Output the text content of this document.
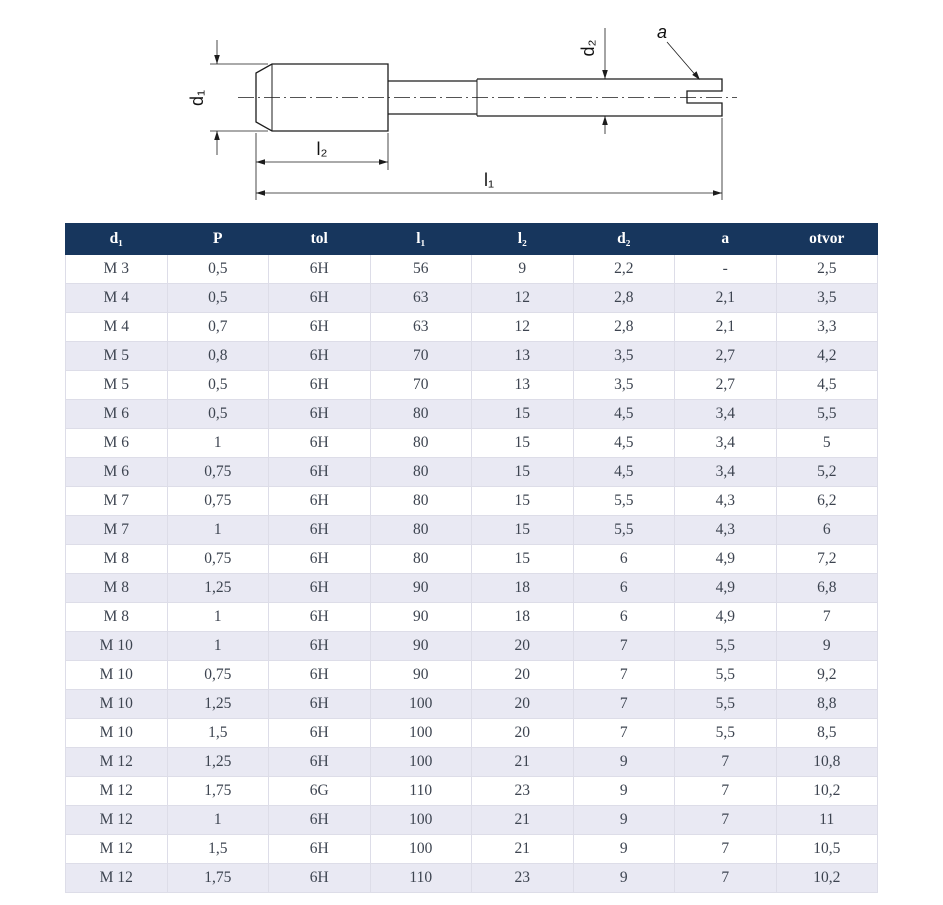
d₁
l₂
l₁
d₂
a
d₁	P	tol	l₁	l₂	d₂	a	otvor
M 3	0,5	6H	56	9	2,2	-	2,5
M 4	0,5	6H	63	12	2,8	2,1	3,5
M 4	0,7	6H	63	12	2,8	2,1	3,3
M 5	0,8	6H	70	13	3,5	2,7	4,2
M 5	0,5	6H	70	13	3,5	2,7	4,5
M 6	0,5	6H	80	15	4,5	3,4	5,5
M 6	1	6H	80	15	4,5	3,4	5
M 6	0,75	6H	80	15	4,5	3,4	5,2
M 7	0,75	6H	80	15	5,5	4,3	6,2
M 7	1	6H	80	15	5,5	4,3	6
M 8	0,75	6H	80	15	6	4,9	7,2
M 8	1,25	6H	90	18	6	4,9	6,8
M 8	1	6H	90	18	6	4,9	7
M 10	1	6H	90	20	7	5,5	9
M 10	0,75	6H	90	20	7	5,5	9,2
M 10	1,25	6H	100	20	7	5,5	8,8
M 10	1,5	6H	100	20	7	5,5	8,5
M 12	1,25	6H	100	21	9	7	10,8
M 12	1,75	6G	110	23	9	7	10,2
M 12	1	6H	100	21	9	7	11
M 12	1,5	6H	100	21	9	7	10,5
M 12	1,75	6H	110	23	9	7	10,2
